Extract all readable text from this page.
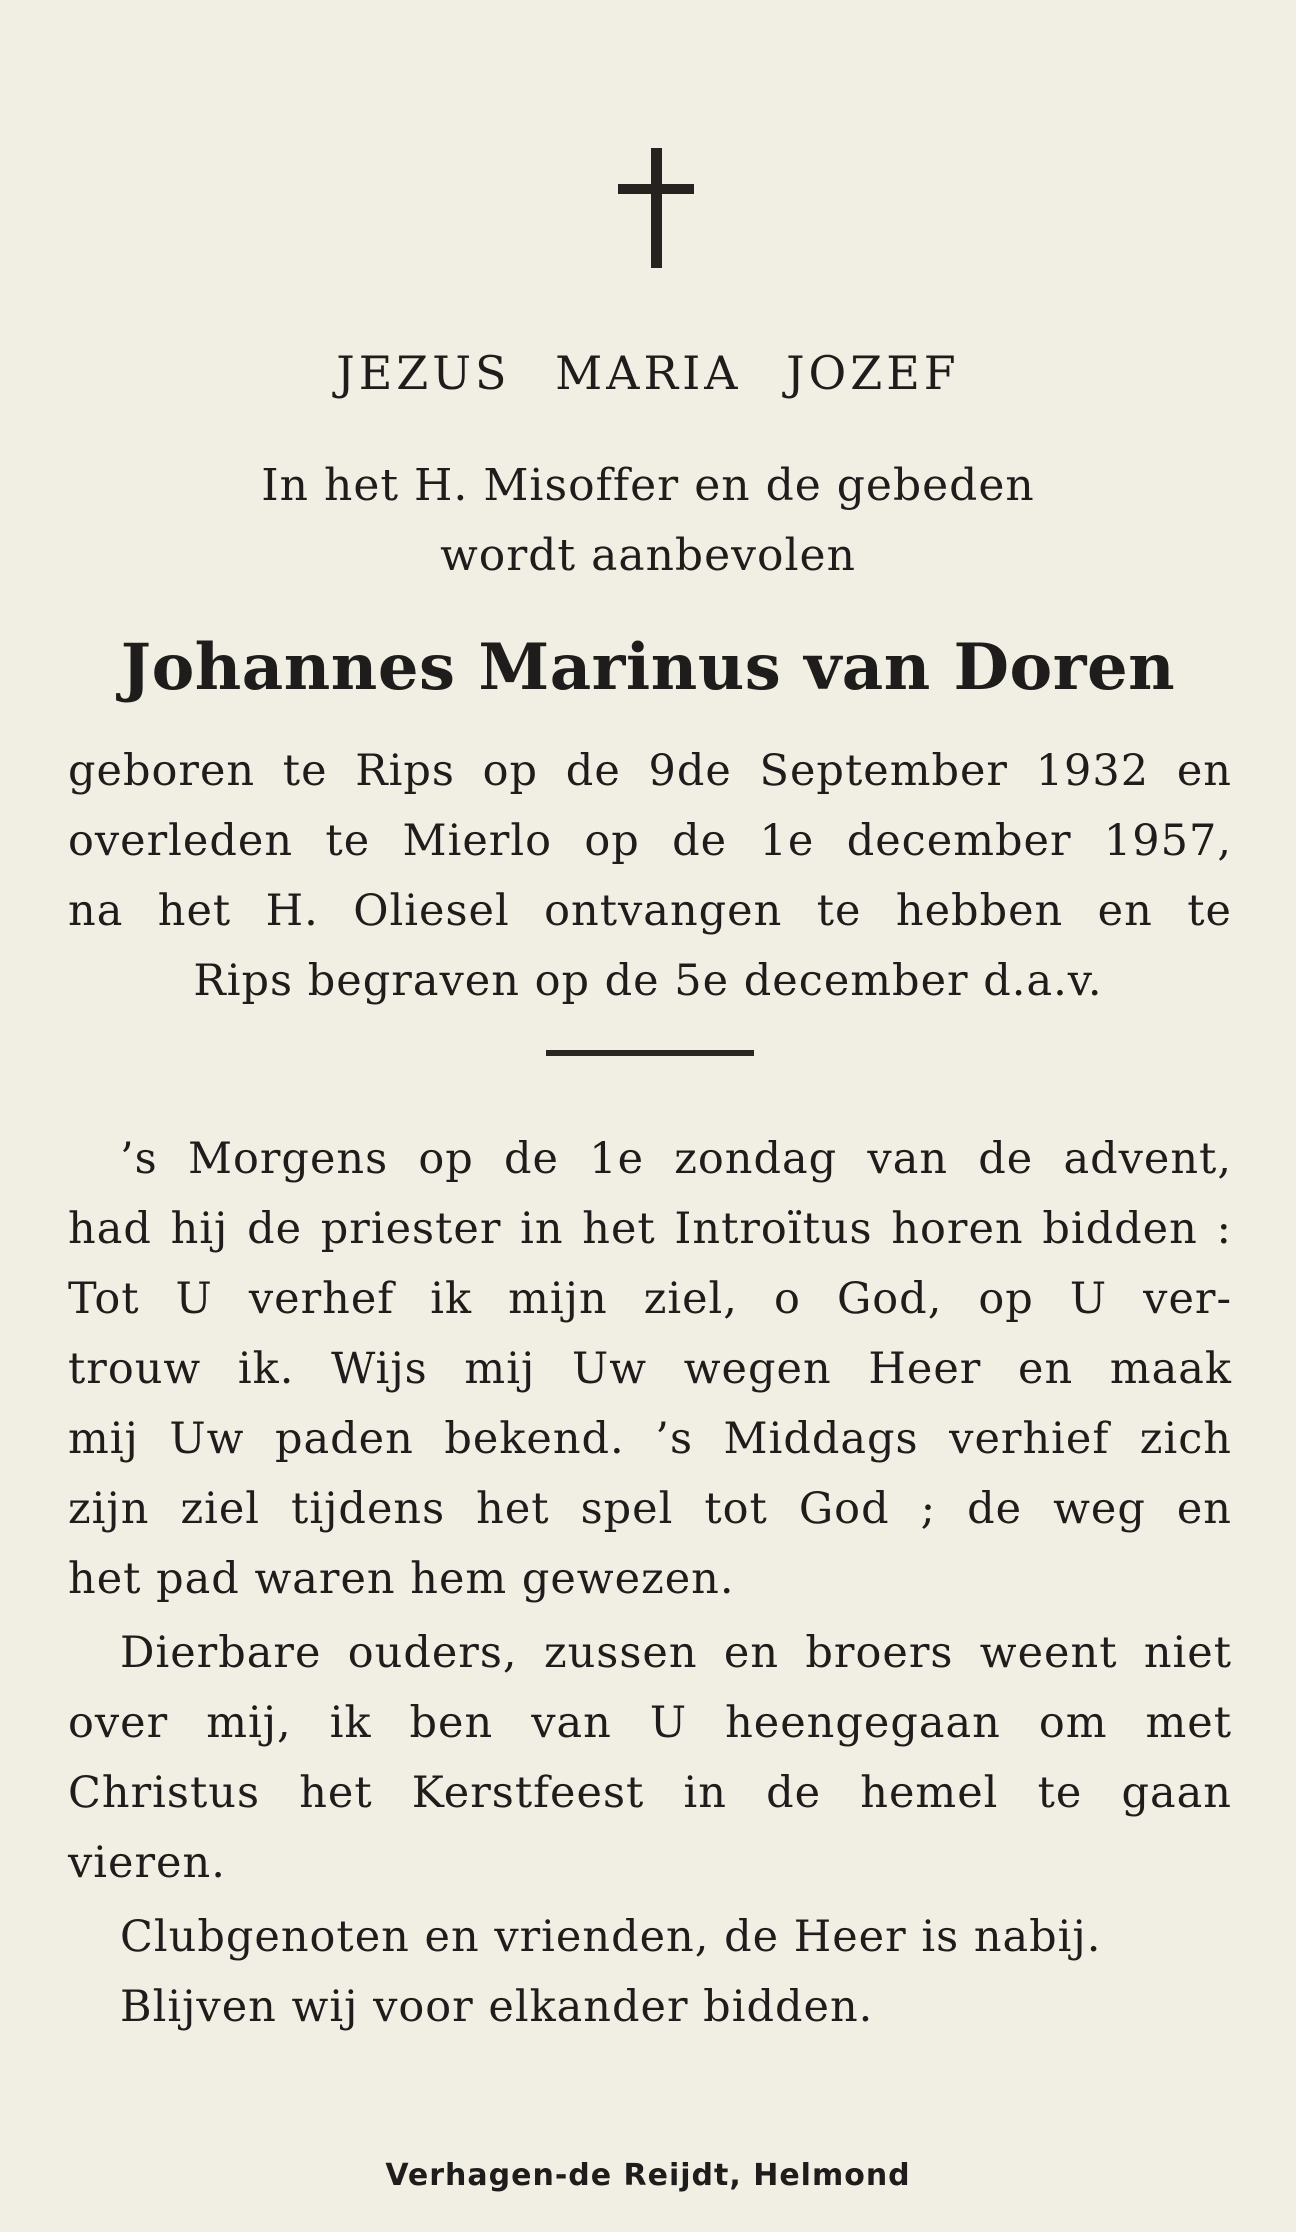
JEZUS MARIA JOZEF
In het H. Misoffer en de gebeden
wordt aanbevolen
Johannes Marinus van Doren
geboren te Rips op de 9de September 1932 en
overleden te Mierlo op de 1e december 1957,
na het H. Oliesel ontvangen te hebben en te
Rips begraven op de 5e december d.a.v.
’s Morgens op de 1e zondag van de advent,
had hij de priester in het Introïtus horen bidden :
Tot U verhef ik mijn ziel, o God, op U ver-
trouw ik. Wijs mij Uw wegen Heer en maak
mij Uw paden bekend. ’s Middags verhief zich
zijn ziel tijdens het spel tot God ; de weg en
het pad waren hem gewezen.
Dierbare ouders, zussen en broers weent niet
over mij, ik ben van U heengegaan om met
Christus het Kerstfeest in de hemel te gaan
vieren.
Clubgenoten en vrienden, de Heer is nabij.
Blijven wij voor elkander bidden.
Verhagen-de Reijdt, Helmond
